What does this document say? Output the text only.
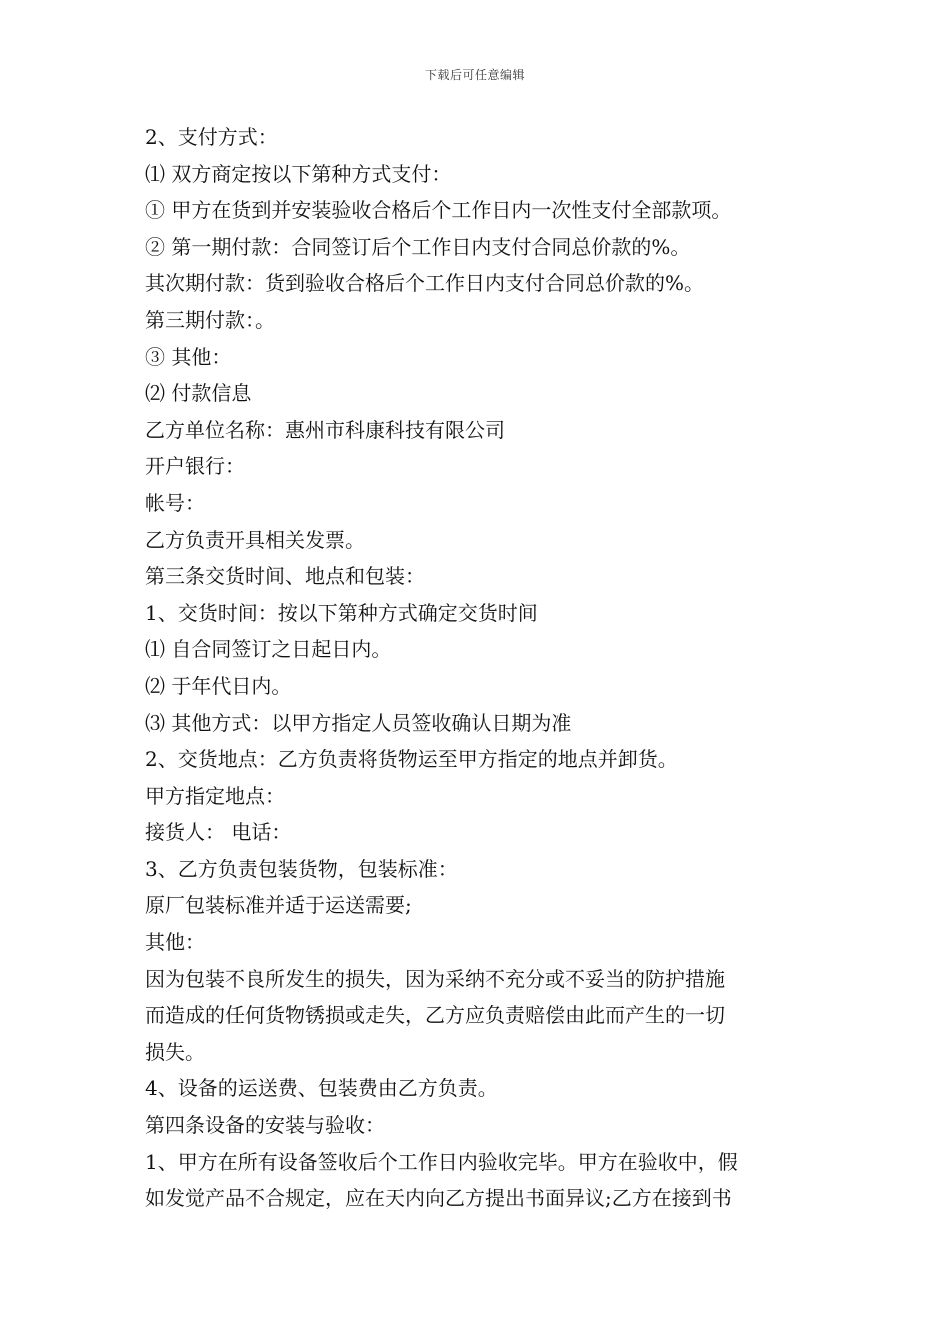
下载后可任意编辑
2、支付方式：
⑴ 双方商定按以下第种方式支付：
① 甲方在货到并安装验收合格后个工作日内一次性支付全部款项。
② 第一期付款：合同签订后个工作日内支付合同总价款的%。
其次期付款：货到验收合格后个工作日内支付合同总价款的%。
第三期付款：。
③ 其他：
⑵ 付款信息
乙方单位名称：惠州市科康科技有限公司
开户银行：
帐号：
乙方负责开具相关发票。
第三条交货时间、地点和包装：
1、交货时间：按以下第种方式确定交货时间
⑴ 自合同签订之日起日内。
⑵ 于年代日内。
⑶ 其他方式：以甲方指定人员签收确认日期为准
2、交货地点：乙方负责将货物运至甲方指定的地点并卸货。
甲方指定地点：
接货人： 电话：
3、乙方负责包装货物，包装标准：
原厂包装标准并适于运送需要;
其他：
因为包装不良所发生的损失，因为采纳不充分或不妥当的防护措施
而造成的任何货物锈损或走失，乙方应负责赔偿由此而产生的一切
损失。
4、设备的运送费、包装费由乙方负责。
第四条设备的安装与验收：
1、甲方在所有设备签收后个工作日内验收完毕。甲方在验收中，假
如发觉产品不合规定，应在天内向乙方提出书面异议;乙方在接到书
